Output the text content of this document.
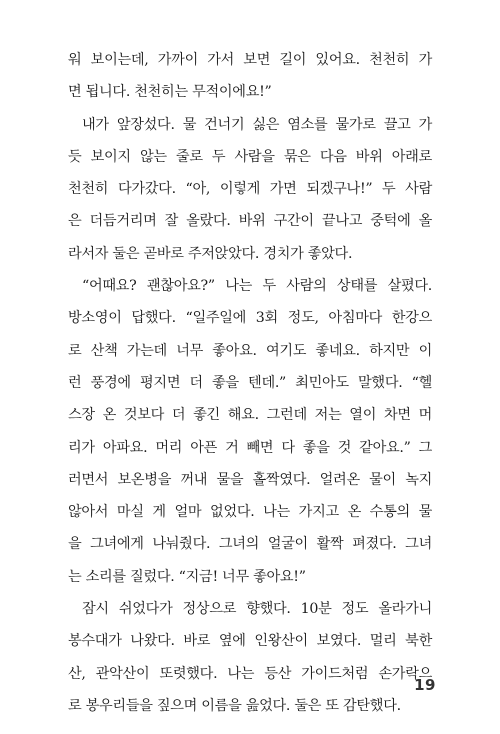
워 보이는데, 가까이 가서 보면 길이 있어요. 천천히 가
면 됩니다. 천천히는 무적이에요!”
내가 앞장섰다. 물 건너기 싫은 염소를 물가로 끌고 가
듯 보이지 않는 줄로 두 사람을 묶은 다음 바위 아래로
천천히 다가갔다. “아, 이렇게 가면 되겠구나!” 두 사람
은 더듬거리며 잘 올랐다. 바위 구간이 끝나고 중턱에 올
라서자 둘은 곧바로 주저앉았다. 경치가 좋았다.
“어때요? 괜찮아요?” 나는 두 사람의 상태를 살폈다.
방소영이 답했다. “일주일에 3회 정도, 아침마다 한강으
로 산책 가는데 너무 좋아요. 여기도 좋네요. 하지만 이
런 풍경에 평지면 더 좋을 텐데.” 최민아도 말했다. “헬
스장 온 것보다 더 좋긴 해요. 그런데 저는 열이 차면 머
리가 아파요. 머리 아픈 거 빼면 다 좋을 것 같아요.” 그
러면서 보온병을 꺼내 물을 홀짝였다. 얼려온 물이 녹지
않아서 마실 게 얼마 없었다. 나는 가지고 온 수통의 물
을 그녀에게 나눠줬다. 그녀의 얼굴이 활짝 펴졌다. 그녀
는 소리를 질렀다. “지금! 너무 좋아요!”
잠시 쉬었다가 정상으로 향했다. 10분 정도 올라가니
봉수대가 나왔다. 바로 옆에 인왕산이 보였다. 멀리 북한
산, 관악산이 또렷했다. 나는 등산 가이드처럼 손가락으
로 봉우리들을 짚으며 이름을 읊었다. 둘은 또 감탄했다.
19
